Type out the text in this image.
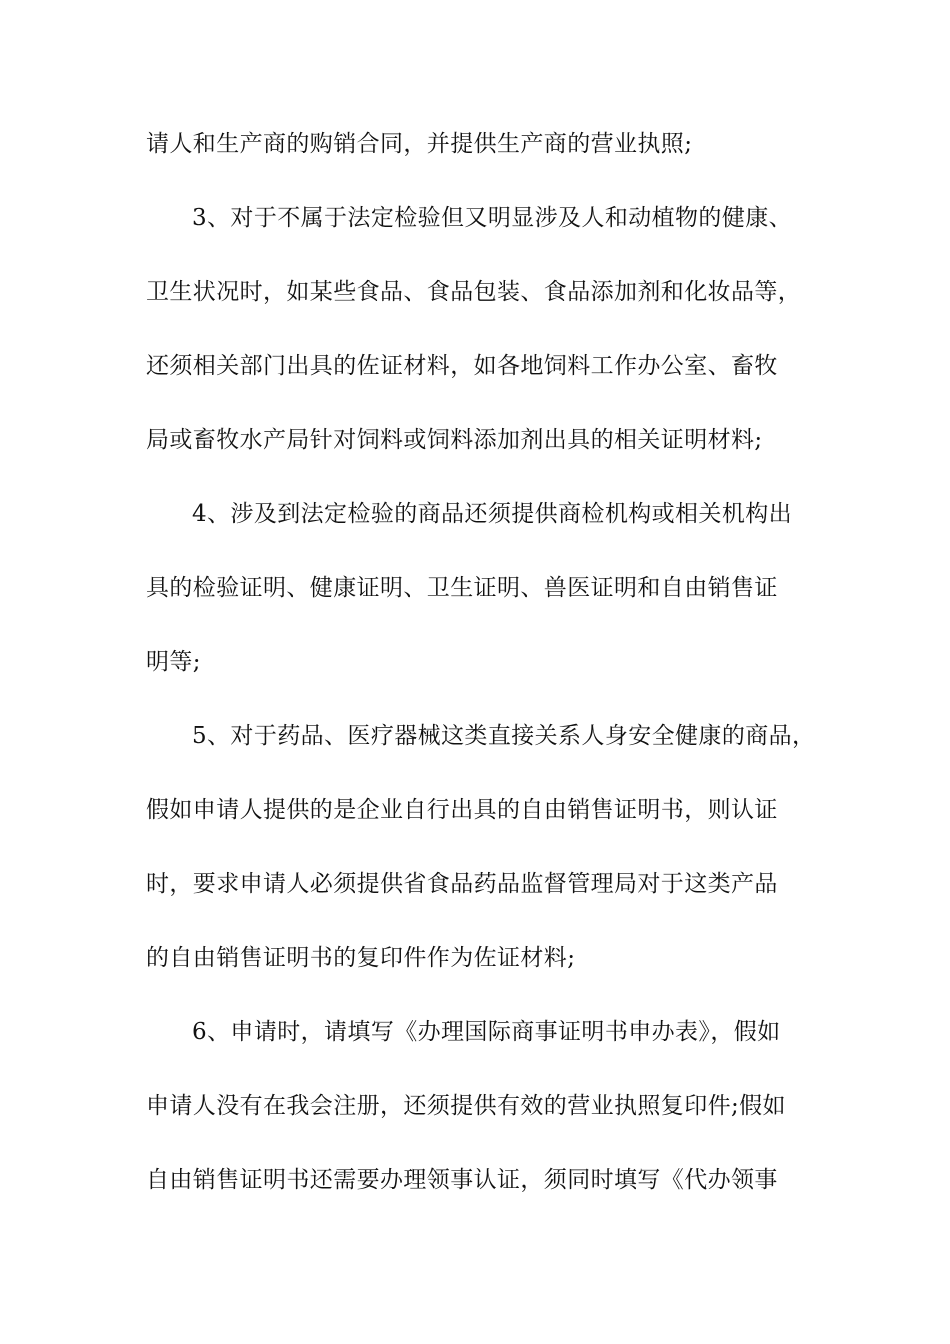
请人和生产商的购销合同，并提供生产商的营业执照;
3、对于不属于法定检验但又明显涉及人和动植物的健康、
卫生状况时，如某些食品、食品包装、食品添加剂和化妆品等，
还须相关部门出具的佐证材料，如各地饲料工作办公室、畜牧
局或畜牧水产局针对饲料或饲料添加剂出具的相关证明材料;
4、涉及到法定检验的商品还须提供商检机构或相关机构出
具的检验证明、健康证明、卫生证明、兽医证明和自由销售证
明等;
5、对于药品、医疗器械这类直接关系人身安全健康的商品，
假如申请人提供的是企业自行出具的自由销售证明书，则认证
时，要求申请人必须提供省食品药品监督管理局对于这类产品
的自由销售证明书的复印件作为佐证材料;
6、申请时，请填写《办理国际商事证明书申办表》，假如
申请人没有在我会注册，还须提供有效的营业执照复印件;假如
自由销售证明书还需要办理领事认证，须同时填写《代办领事
